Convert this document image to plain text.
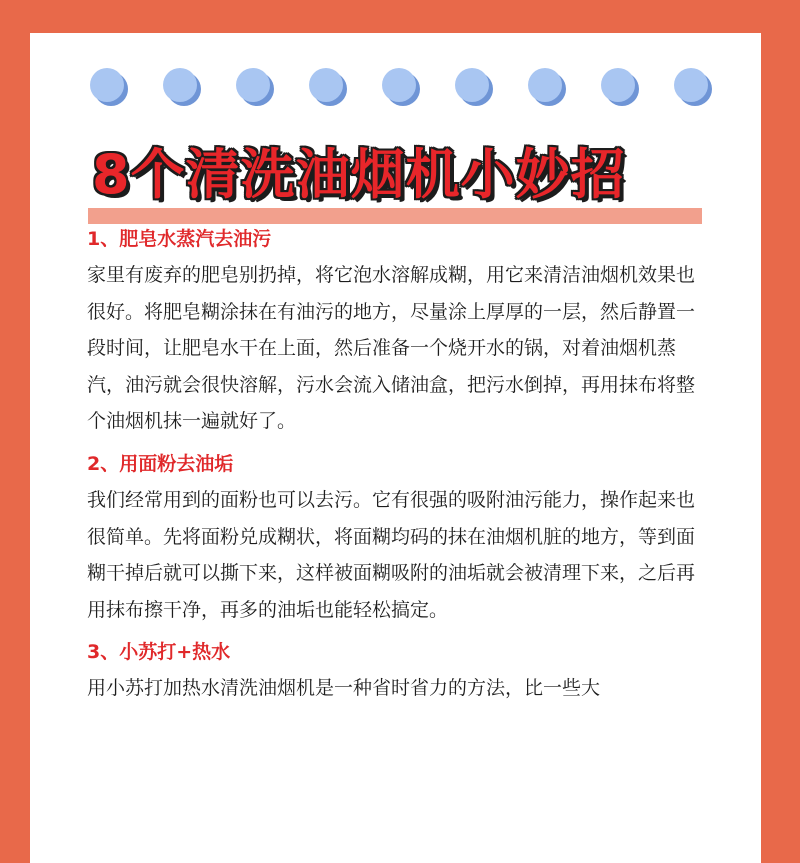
8个清洗油烟机小妙招
1、肥皂水蒸汽去油污

家里有废弃的肥皂别扔掉，将它泡水溶解成糊，用它来清洁油烟机效果也很好。将肥皂糊涂抹在有油污的地方，尽量涂上厚厚的一层，然后静置一段时间，让肥皂水干在上面，然后准备一个烧开水的锅，对着油烟机蒸汽，油污就会很快溶解，污水会流入储油盒，把污水倒掉，再用抹布将整个油烟机抹一遍就好了。

2、用面粉去油垢

我们经常用到的面粉也可以去污。它有很强的吸附油污能力，操作起来也很简单。先将面粉兑成糊状，将面糊均码的抹在油烟机脏的地方，等到面糊干掉后就可以撕下来，这样被面糊吸附的油垢就会被清理下来，之后再用抹布擦干净，再多的油垢也能轻松搞定。

3、小苏打+热水

用小苏打加热水清洗油烟机是一种省时省力的方法，比一些大
